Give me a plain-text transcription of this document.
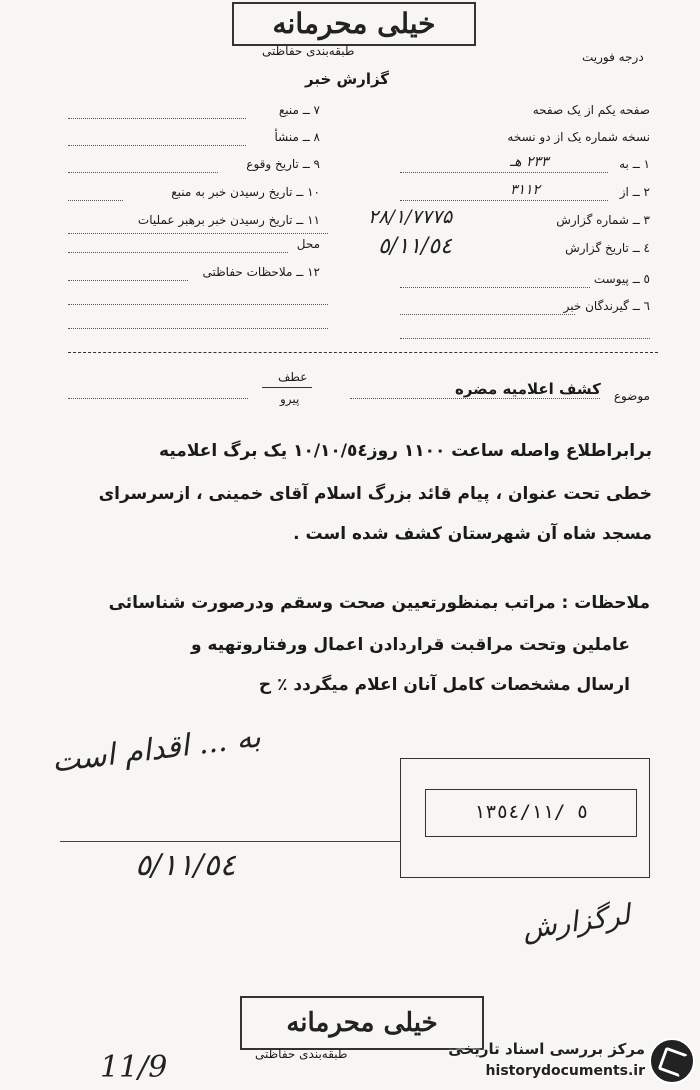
خیلی محرمانه
طبقه‌بندی حفاظتی	درجه فوریت
گزارش خبر
صفحه یکم از یک صفحه
نسخه شماره یک از دو نسخه
۱ ــ به
۲۳۳ هـ
۲ ــ از
۳۱۱۲
۳ ــ شماره گزارش
۲۸/۱/۷۷۷۵
٤ ــ تاریخ گزارش
٥/١١/٥٤
٥ ــ پیوست
٦ ــ گیرندگان خبر
۷ ــ منبع
۸ ــ منشأ
۹ ــ تاریخ وقوع
۱۰ ــ تاریخ رسیدن خبر به منبع
۱۱ ــ تاریخ رسیدن خبر برهبر عملیات
محل
۱۲ ــ ملاحظات حفاظتی
موضوع
کشف اعلامیه مضره
عطف
پیرو
برابراطلاع واصله ساعت ۱۱۰۰ روز۱۰/۱۰/٥٤ یک برگ اعلامیه
خطی تحت عنوان ، پیام قائد بزرگ اسلام آقای خمینی ، ازسرسرای
مسجد شاه آن شهرستان کشف شده است .
ملاحظات : مراتب بمنظورتعیین صحت وسقم ودرصورت شناسائی
عاملین وتحت مراقبت قراردادن اعمال ورفتاروتهیه و
ارسال مشخصات کامل آنان اعلام میگردد ٪ ح
به ... اقدام است
۱۳٥٤/۱۱/ ٥
٥/١١/٥٤
لرگزارش
خیلی محرمانه
طبقه‌بندی حفاظتی
11/9
مرکز بررسی اسناد تاریخی
historydocuments.ir
